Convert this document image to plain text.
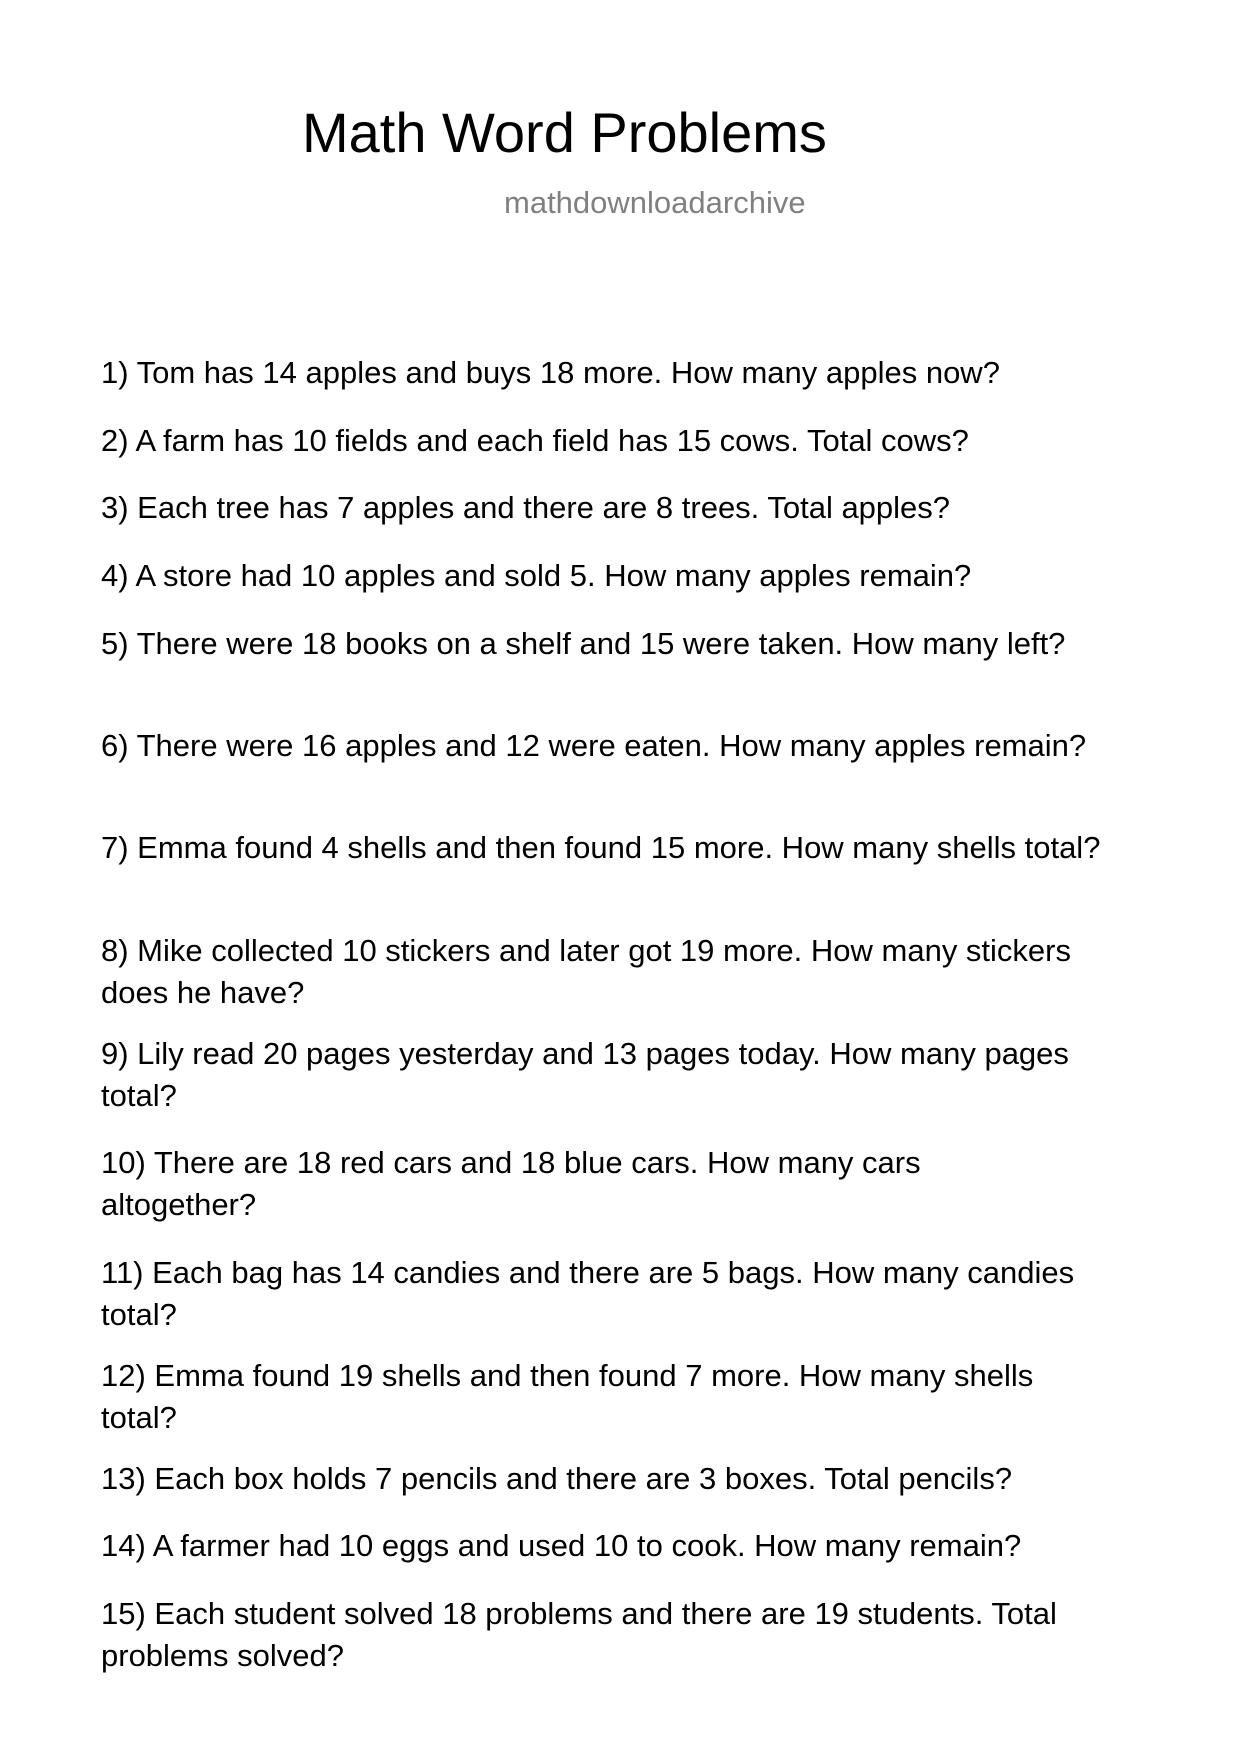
Math Word Problems
mathdownloadarchive
1) Tom has 14 apples and buys 18 more. How many apples now?
2) A farm has 10 fields and each field has 15 cows. Total cows?
3) Each tree has 7 apples and there are 8 trees. Total apples?
4) A store had 10 apples and sold 5. How many apples remain?
5) There were 18 books on a shelf and 15 were taken. How many left?
6) There were 16 apples and 12 were eaten. How many apples remain?
7) Emma found 4 shells and then found 15 more. How many shells total?
8) Mike collected 10 stickers and later got 19 more. How many stickers does he have?
9) Lily read 20 pages yesterday and 13 pages today. How many pages total?
10) There are 18 red cars and 18 blue cars. How many cars altogether?
11) Each bag has 14 candies and there are 5 bags. How many candies total?
12) Emma found 19 shells and then found 7 more. How many shells total?
13) Each box holds 7 pencils and there are 3 boxes. Total pencils?
14) A farmer had 10 eggs and used 10 to cook. How many remain?
15) Each student solved 18 problems and there are 19 students. Total problems solved?
